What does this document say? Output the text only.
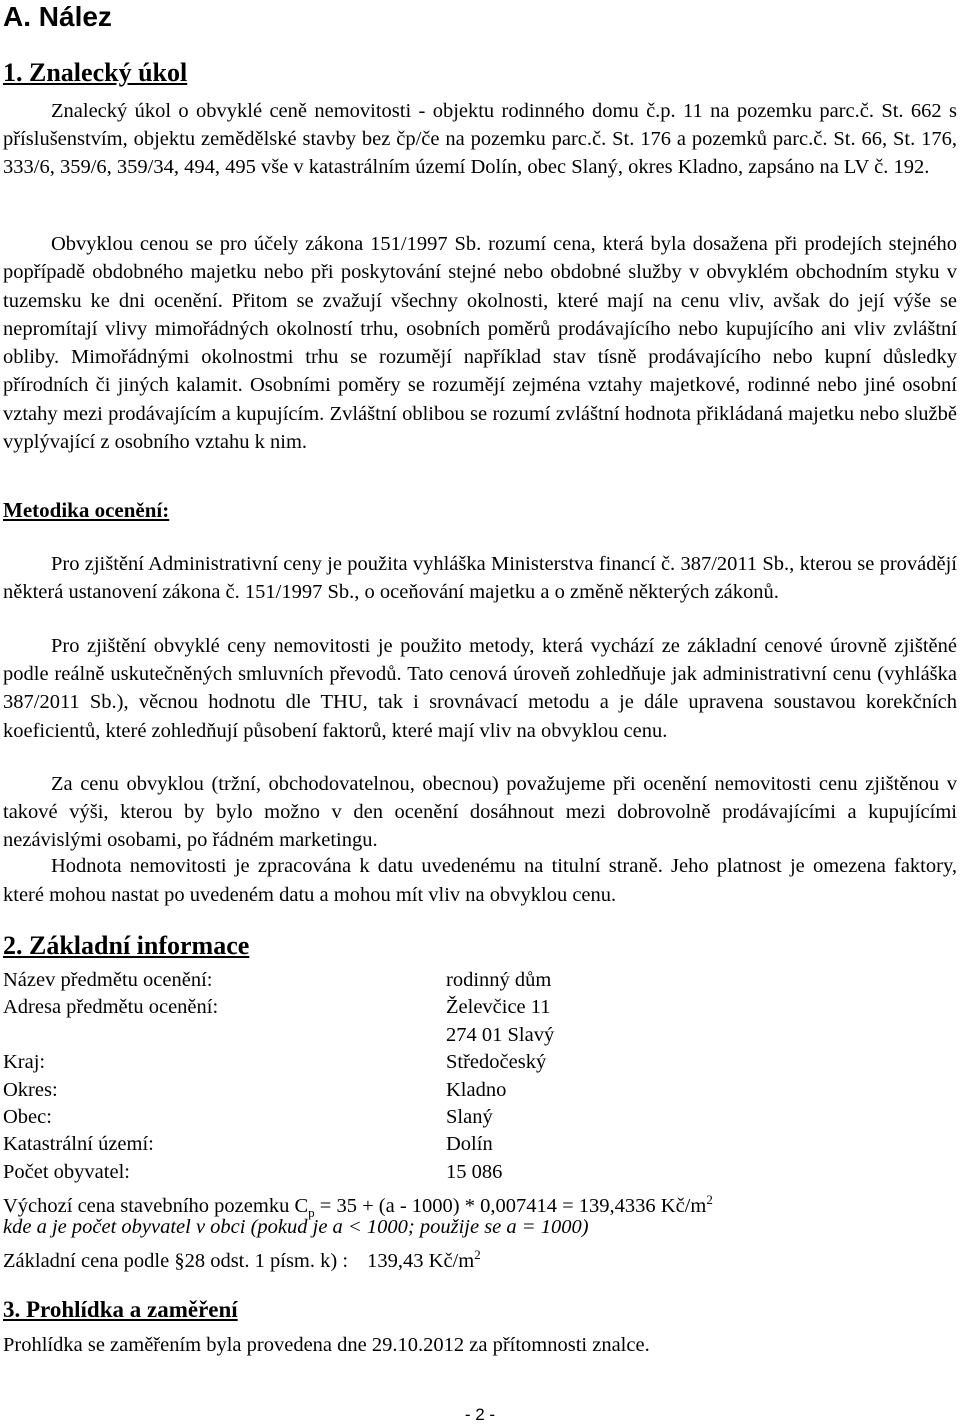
A. Nález
1. Znalecký úkol

Znalecký úkol o obvyklé ceně nemovitosti - objektu rodinného domu č.p. 11 na pozemku parc.č. St. 662 s příslušenstvím, objektu zemědělské stavby bez čp/če na pozemku parc.č. St. 176 a pozemků parc.č. St. 66, St. 176, 333/6, 359/6, 359/34, 494, 495 vše v katastrálním území Dolín, obec Slaný, okres Kladno, zapsáno na LV č. 192.

Obvyklou cenou se pro účely zákona 151/1997 Sb. rozumí cena, která byla dosažena při prodejích stejného popřípadě obdobného majetku nebo při poskytování stejné nebo obdobné služby v obvyklém obchodním styku v tuzemsku ke dni ocenění. Přitom se zvažují všechny okolnosti, které mají na cenu vliv, avšak do její výše se nepromítají vlivy mimořádných okolností trhu, osobních poměrů prodávajícího nebo kupujícího ani vliv zvláštní obliby. Mimořádnými okolnostmi trhu se rozumějí například stav tísně prodávajícího nebo kupní důsledky přírodních či jiných kalamit. Osobními poměry se rozumějí zejména vztahy majetkové, rodinné nebo jiné osobní vztahy mezi prodávajícím a kupujícím. Zvláštní oblibou se rozumí zvláštní hodnota přikládaná majetku nebo službě vyplývající z osobního vztahu k nim.

Metodika ocenění:

Pro zjištění Administrativní ceny je použita vyhláška Ministerstva financí č. 387/2011 Sb., kterou se provádějí některá ustanovení zákona č. 151/1997 Sb., o oceňování majetku a o změně některých zákonů.

Pro zjištění obvyklé ceny nemovitosti je použito metody, která vychází ze základní cenové úrovně zjištěné podle reálně uskutečněných smluvních převodů. Tato cenová úroveň zohledňuje jak administrativní cenu (vyhláška 387/2011 Sb.), věcnou hodnotu dle THU, tak i srovnávací metodu a je dále upravena soustavou korekčních koeficientů, které zohledňují působení faktorů, které mají vliv na obvyklou cenu.

Za cenu obvyklou (tržní, obchodovatelnou, obecnou) považujeme při ocenění nemovitosti cenu zjištěnou v takové výši, kterou by bylo možno v den ocenění dosáhnout mezi dobrovolně prodávajícími a kupujícími nezávislými osobami, po řádném marketingu.

Hodnota nemovitosti je zpracována k datu uvedenému na titulní straně. Jeho platnost je omezena faktory, které mohou nastat po uvedeném datu a mohou mít vliv na obvyklou cenu.

2. Základní informace
Název předmětu ocenění:	rodinný dům
Adresa předmětu ocenění:	Želevčice 11
274 01 Slavý
Kraj:	Středočeský
Okres:	Kladno
Obec:	Slaný
Katastrální území:	Dolín
Počet obyvatel:	15 086
Výchozí cena stavebního pozemku $C_p = 35 + (a - 1000) * 0,007414 = 139,4336$ $Kč/m^2$
kde a je počet obyvatel v obci (pokud je a < 1000; použije se a = 1000)
Základní cena podle §28 odst. 1 písm. k) : 139,43 $Kč/m^2$
3. Prohlídka a zaměření

Prohlídka se zaměřením byla provedena dne 29.10.2012 za přítomnosti znalce.

- 2 -
